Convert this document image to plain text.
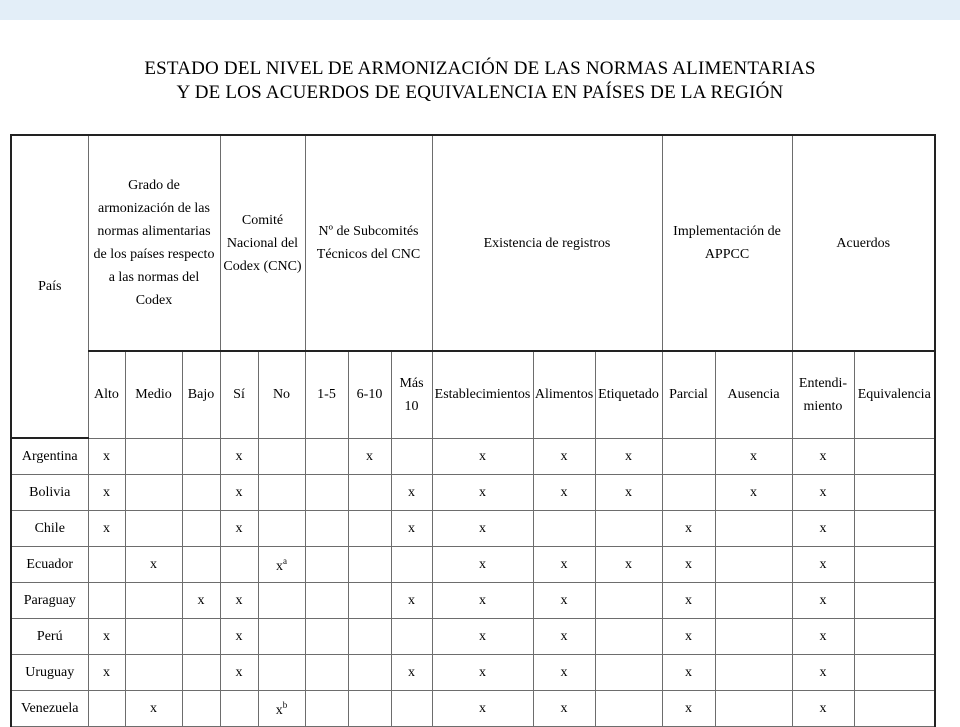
ESTADO DEL NIVEL DE ARMONIZACIÓN DE LAS NORMAS ALIMENTARIAS
Y DE LOS ACUERDOS DE EQUIVALENCIA EN PAÍSES DE LA REGIÓN
País	Grado de armonización de las normas alimentarias de los países respecto a las normas del Codex			Comité Nacional del Codex (CNC)		Nº de Subcomités Técnicos del CNC			Existencia de registros			Implementación de APPCC		Acuerdos	
	Alto	Medio	Bajo	Sí	No	1-5	6-10	Más 10	Establecimientos	Alimentos	Etiquetado	Parcial	Ausencia	Entendi-miento	Equivalencia
Argentina	x			x			x		x	x	x		x	x	
Bolivia	x			x				x	x	x	x		x	x	
Chile	x			x				x	x			x		x	
Ecuador		x			$x^a$				x	x	x	x		x	
Paraguay			x	x				x	x	x		x		x	
Perú	x			x					x	x		x		x	
Uruguay	x			x				x	x	x		x		x	
Venezuela		x			$x^b$				x	x		x		x	
